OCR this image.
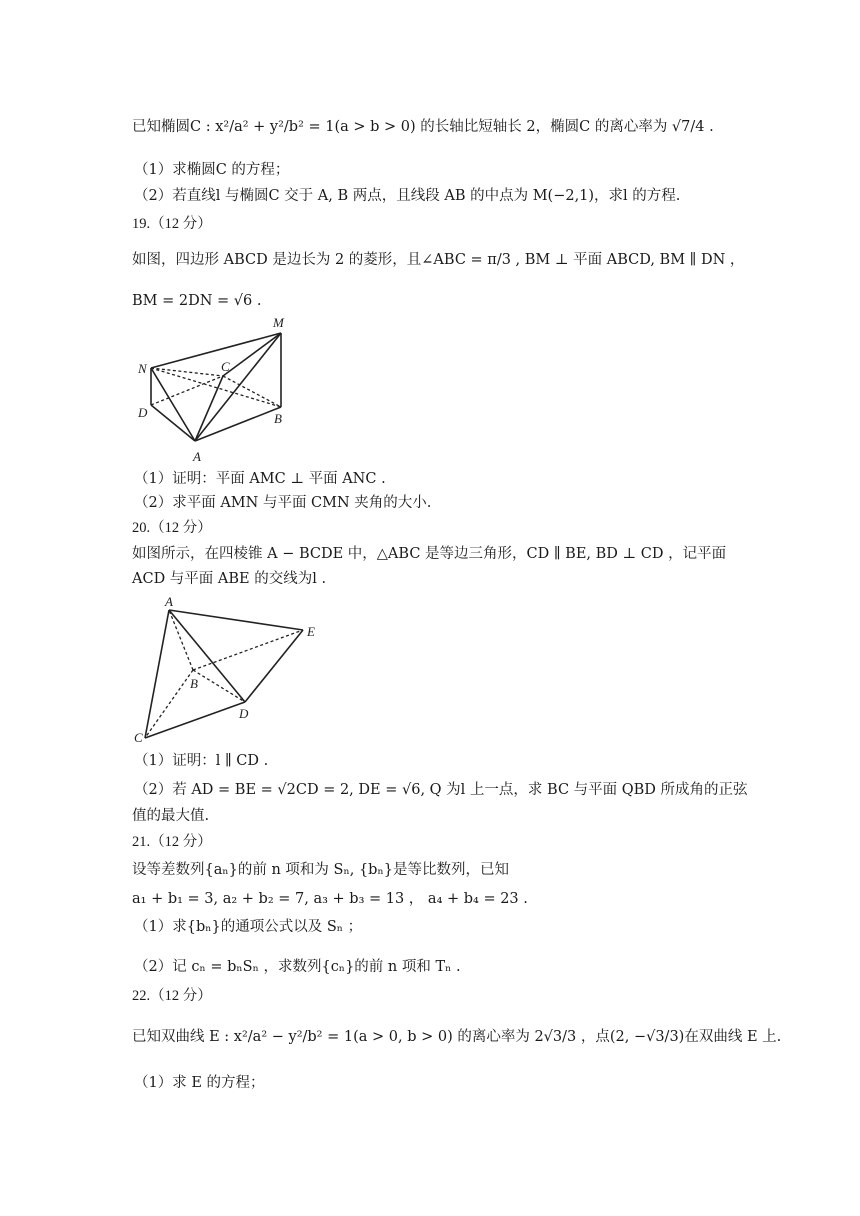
已知椭圆C : x²/a² + y²/b² = 1(a > b > 0) 的长轴比短轴长 2，椭圆C 的离心率为 √7/4 .
（1）求椭圆C 的方程；
（2）若直线l 与椭圆C 交于 A, B 两点，且线段 AB 的中点为 M(−2,1)，求l 的方程.
19.（12 分）
如图，四边形 ABCD 是边长为 2 的菱形，且∠ABC = π/3 , BM ⊥ 平面 ABCD, BM ∥ DN ，
BM = 2DN = √6 .
M
N	C
D	B
A
（1）证明：平面 AMC ⊥ 平面 ANC .
（2）求平面 AMN 与平面 CMN 夹角的大小.
20.（12 分）
如图所示，在四棱锥 A − BCDE 中，△ABC 是等边三角形，CD ∥ BE, BD ⊥ CD ，记平面
ACD 与平面 ABE 的交线为l .
A
E
B
D
C
（1）证明：l ∥ CD .
（2）若 AD = BE = √2CD = 2, DE = √6, Q 为l 上一点，求 BC 与平面 QBD 所成角的正弦
值的最大值.
21.（12 分）
设等差数列{aₙ}的前 n 项和为 Sₙ, {bₙ}是等比数列，已知
a₁ + b₁ = 3, a₂ + b₂ = 7, a₃ + b₃ = 13 ， a₄ + b₄ = 23 .
（1）求{bₙ}的通项公式以及 Sₙ ；
（2）记 cₙ = bₙSₙ ，求数列{cₙ}的前 n 项和 Tₙ .
22.（12 分）
已知双曲线 E : x²/a² − y²/b² = 1(a > 0, b > 0) 的离心率为 2√3/3 ，点(2, −√3/3)在双曲线 E 上.
（1）求 E 的方程；
